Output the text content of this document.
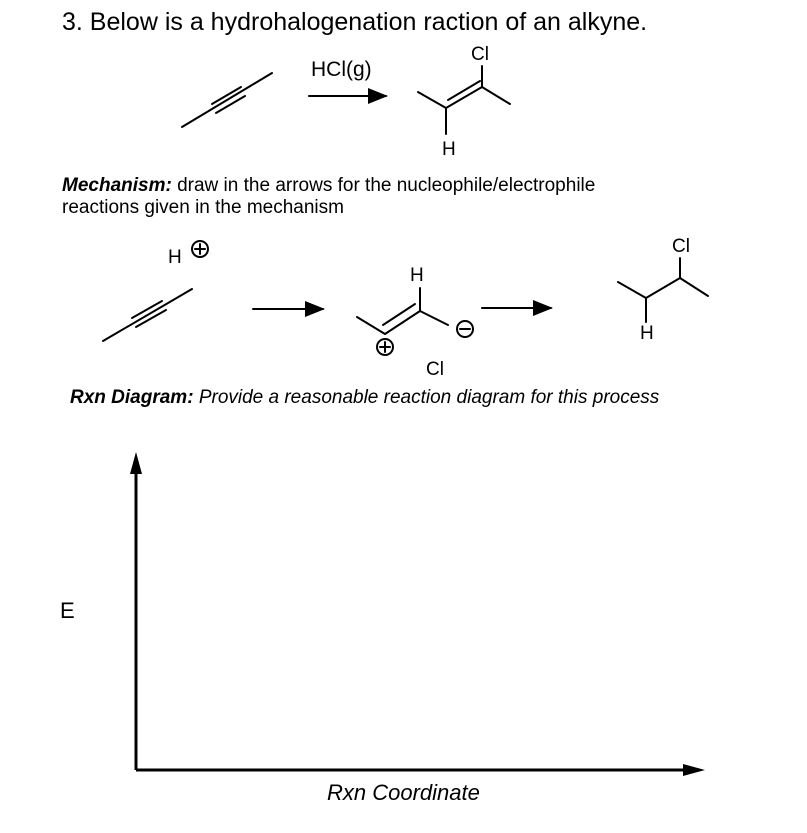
3. Below is a hydrohalogenation raction of an alkyne.
HCl(g)
Cl
H
Mechanism: draw in the arrows for the nucleophile/electrophile
reactions given in the mechanism
H
H
Cl
Cl
H
Rxn Diagram: Provide a reasonable reaction diagram for this process
E
Rxn Coordinate
